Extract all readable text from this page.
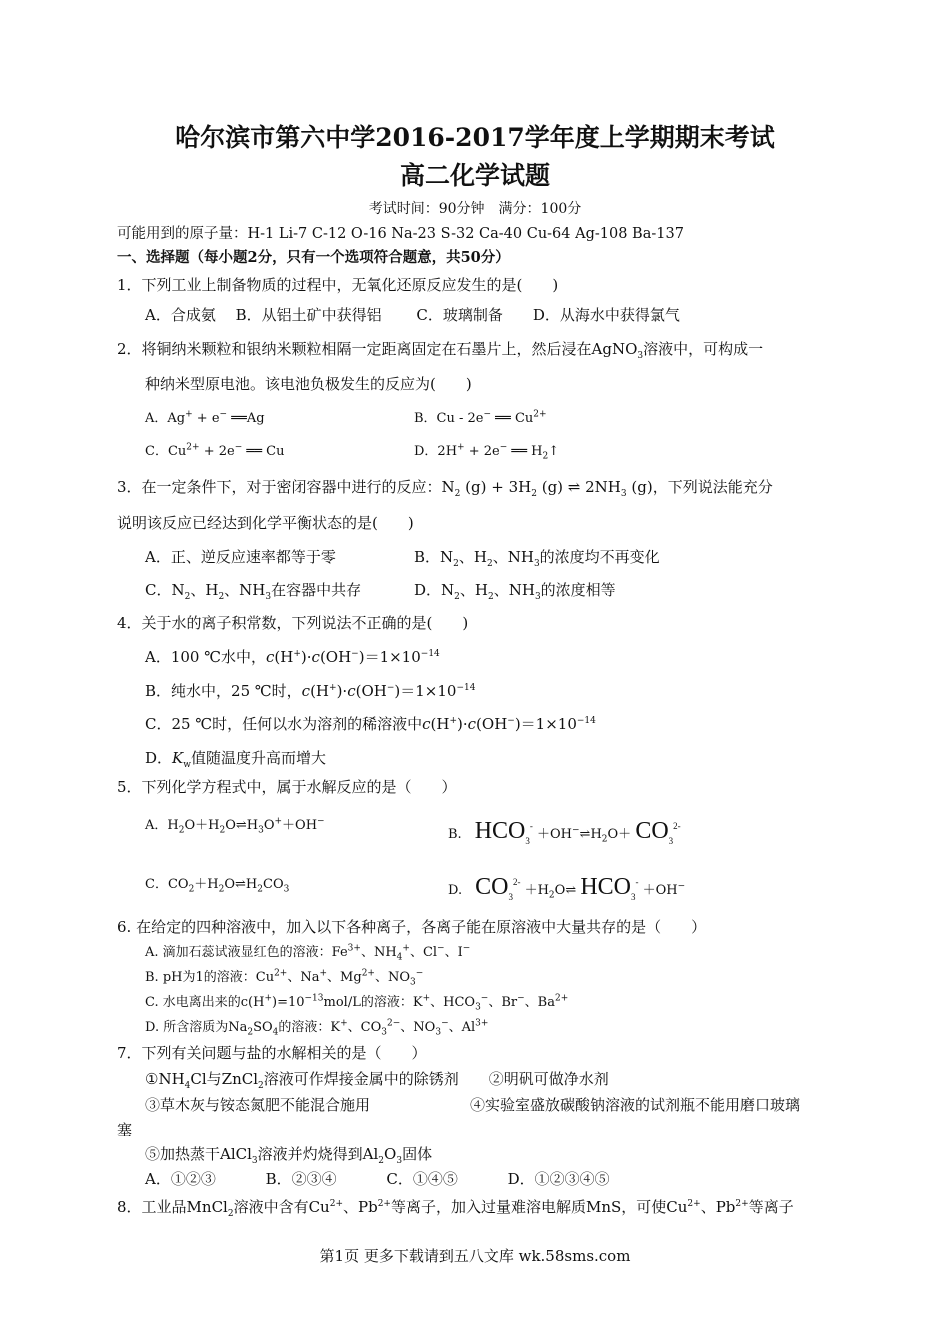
哈尔滨市第六中学2016-2017学年度上学期期末考试
高二化学试题
考试时间：90分钟　满分：100分
可能用到的原子量：H-1 Li-7 C-12 O-16 Na-23 S-32 Ca-40 Cu-64 Ag-108 Ba-137
一、选择题（每小题2分，只有一个选项符合题意，共50分）
1．下列工业上制备物质的过程中，无氧化还原反应发生的是(　　)
A．合成氨　 B．从铝土矿中获得铝　　 C．玻璃制备　　D．从海水中获得氯气
2．将铜纳米颗粒和银纳米颗粒相隔一定距离固定在石墨片上，然后浸在AgNO$_3$溶液中，可构成一
种纳米型原电池。该电池负极发生的反应为(　　)
A．Ag+ + e− ══Ag	B．Cu - 2e− ══ $Cu^{2+}$
C．$Cu^{2+} + 2e^-$ ══ Cu	D．2H+ + 2e− ══ $H_2↑$
3．在一定条件下，对于密闭容器中进行的反应：$N_2$ $(g) + 3H_2$ (g) ⇌ $2NH_3$ (g)，下列说法能充分
说明该反应已经达到化学平衡状态的是(　　)
A．正、逆反应速率都等于零	B．$N_2$、$H_2$、$NH_3$的浓度均不再变化
C．$N_2$、$H_2$、$NH_3$在容器中共存	D．$N_2$、$H_2$、$NH_3$的浓度相等
4．关于水的离子积常数，下列说法不正确的是(　　)
A．100 ℃水中，$c(H^+)\cdot c(OH^-)=1\times 10^{-14}$
B．纯水中，25 ℃时，$c(H^+)\cdot c(OH^-)=1\times 10^{-14}$
C．25 ℃时，任何以水为溶剂的稀溶液中$c(H^+)\cdot c(OH^-)=1\times 10^{-14}$
D．$K_w$值随温度升高而增大
5．下列化学方程式中，属于水解反应的是（　　）
A．$H_2O+H_2O\rightleftharpoons H_3O^++OH^-$
B.　$HCO_3^-$ $+OH^-\rightleftharpoons H_2O+ CO_3^{2-}$
C．$CO_2+H_2O\rightleftharpoons H_2CO_3$	D.　$CO_3^{2-}$ $+H_2O\rightleftharpoons$ $HCO_3^- +OH^-$
6. 在给定的四种溶液中，加入以下各种离子，各离子能在原溶液中大量共存的是（　　）
A. 滴加石蕊试液显红色的溶液：$Fe^{3+}$、$NH_4^+$、Cl−、I−
B. pH为1的溶液：$Cu^{2+}$、Na+、$Mg^{2+}$、$NO_3^-$
C. 水电离出来的$c(H^+)=10^{-13}mol/L$的溶液：K+、$HCO_3^-$、Br−、$Ba^{2+}$
D. 所含溶质为$Na_2SO_4$的溶液：K+、$CO_3^{2-}$、$NO_3^-$、$Al^{3+}$
7．下列有关问题与盐的水解相关的是（　　）
$①NH_4Cl$与ZnCl$_2$溶液可作焊接金属中的除锈剂　　②明矾可做净水剂
③草木灰与铵态氮肥不能混合施用	④实验室盛放碳酸钠溶液的试剂瓶不能用磨口玻璃
塞
⑤加热蒸干AlCl$_3$溶液并灼烧得到$Al_2O_3$固体
A．①②③　　　 B．②③④　　　 C．①④⑤　　　 D．①②③④⑤
8．工业品MnCl$_2$溶液中含有$Cu^{2+}$、$Pb^{2+}$等离子，加入过量难溶电解质MnS，可使$Cu^{2+}$、$Pb^{2+}$等离子
第1页 更多下载请到五八文库 wk.58sms.com
